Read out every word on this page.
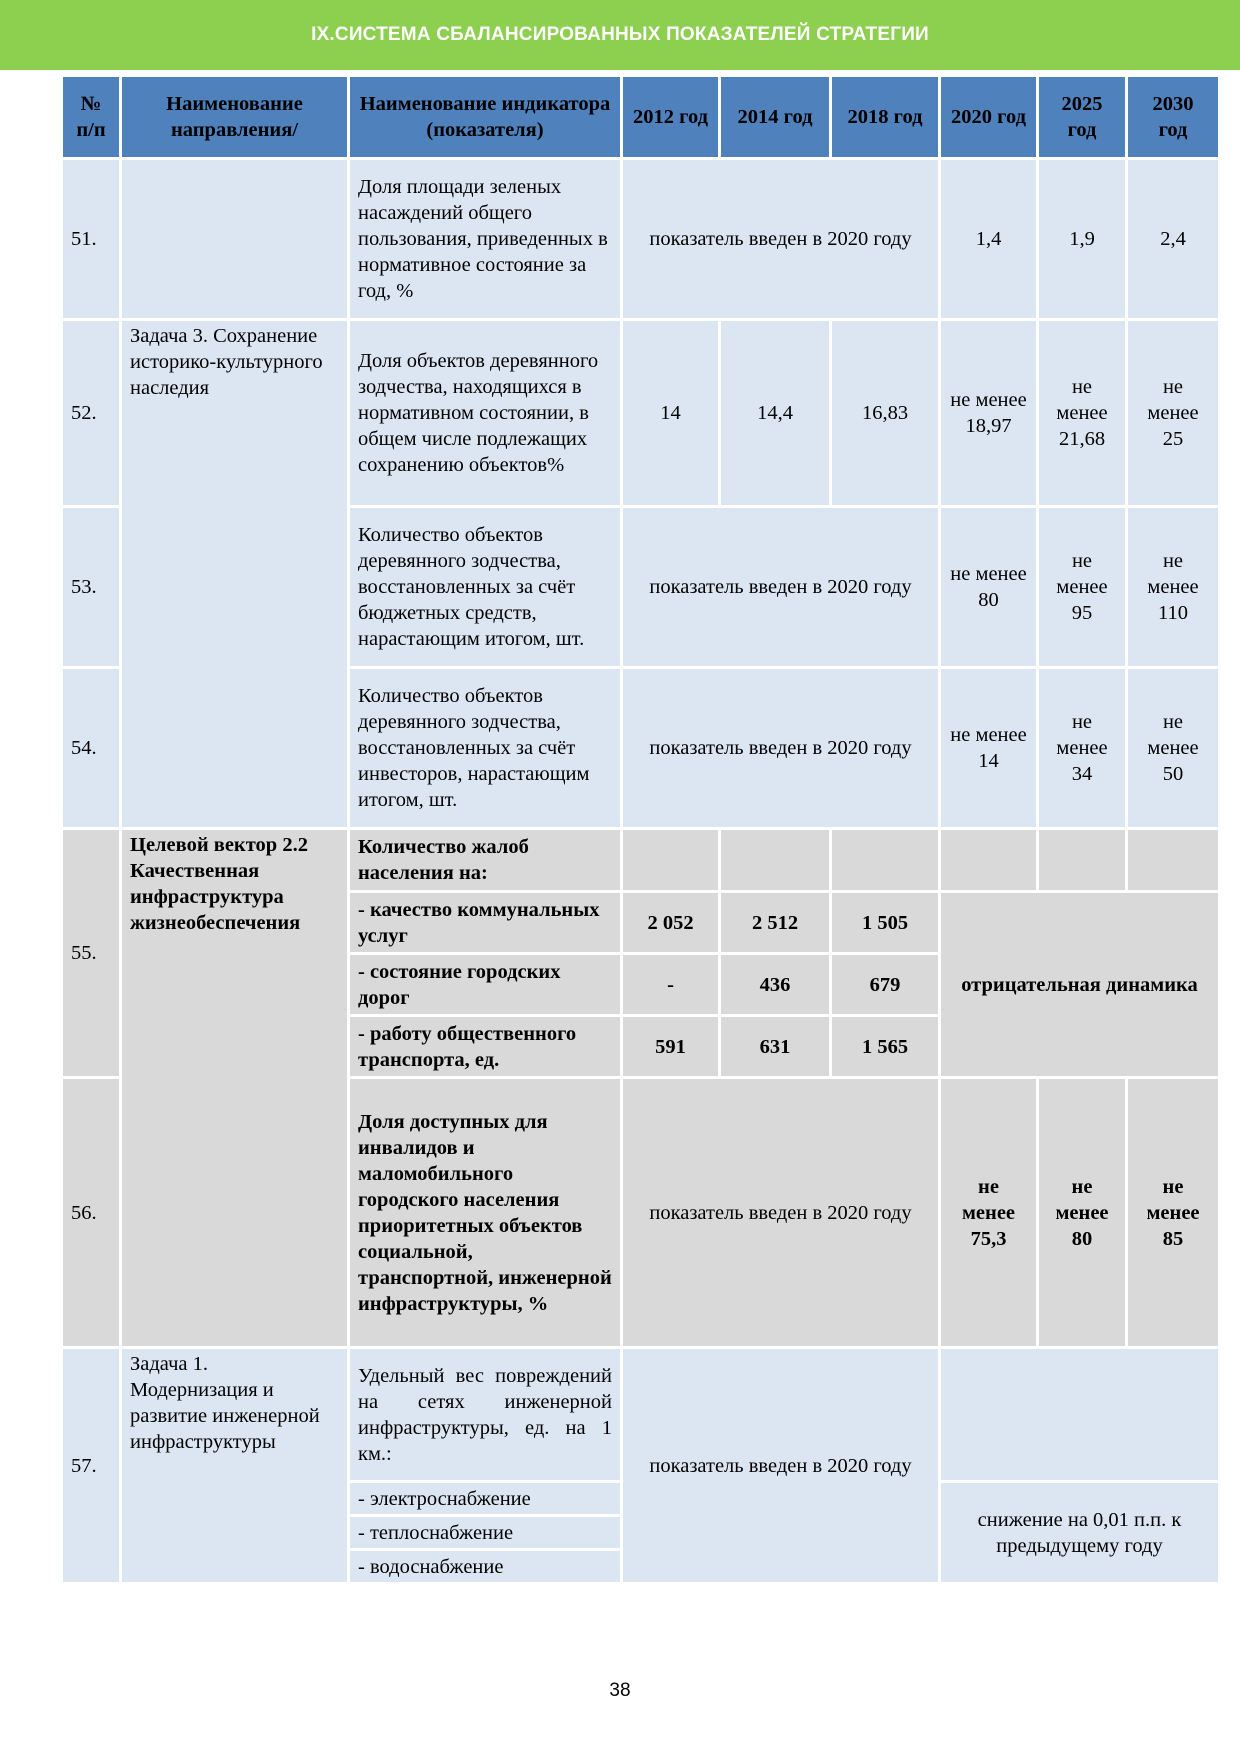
IX.СИСТЕМА СБАЛАНСИРОВАННЫХ ПОКАЗАТЕЛЕЙ СТРАТЕГИИ
№ п/п	Наименование направления/	Наименование индикатора (показателя)	2012 год	2014 год	2018 год	2020 год	2025 год	2030 год
51.		Доля площади зеленых насаждений общего пользования, приведенных в нормативное состояние за год, %	показатель введен в 2020 году			1,4	1,9	2,4
52.	Задача 3. Сохранение историко-культурного наследия	Доля объектов деревянного зодчества, находящихся в нормативном состоянии, в общем числе подлежащих сохранению объектов%	14	14,4	16,83	не менее 18,97	не менее 21,68	не менее 25
53.		Количество объектов деревянного зодчества, восстановленных за счёт бюджетных средств, нарастающим итогом, шт.	показатель введен в 2020 году			не менее 80	не менее 95	не менее 110
54.		Количество объектов деревянного зодчества, восстановленных за счёт инвесторов, нарастающим итогом, шт.	показатель введен в 2020 году			не менее 14	не менее 34	не менее 50
55.	Целевой вектор 2.2 Качественная инфраструктура жизнеобеспечения	Количество жалоб населения на:						
		- качество коммунальных услуг	2 052	2 512	1 505	отрицательная динамика		
		- состояние городских дорог	-	436	679			
		- работу общественного транспорта, ед.	591	631	1 565			
56.		Доля доступных для инвалидов и маломобильного городского населения приоритетных объектов социальной, транспортной, инженерной инфраструктуры, %	показатель введен в 2020 году			не менее 75,3	не менее 80	не менее 85
57.	Задача 1. Модернизация и развитие инженерной инфраструктуры	Удельный вес повреждений на сетях инженерной инфраструктуры, ед. на 1 км.:	показатель введен в 2020 году					
		- электроснабжение				снижение на 0,01 п.п. к предыдущему году		
		- теплоснабжение						
		- водоснабжение						
38
